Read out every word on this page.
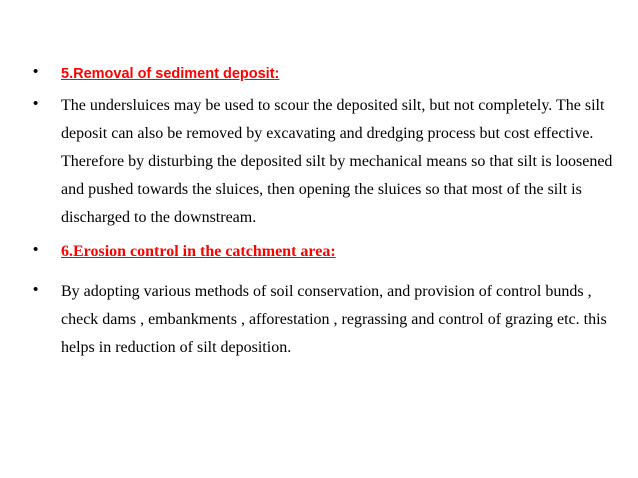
• 5.Removal of sediment deposit:
• The undersluices may be used to scour the deposited silt, but not completely. The silt deposit can also be removed by excavating and dredging process but cost effective. Therefore by disturbing the deposited silt by mechanical means so that silt is loosened and pushed towards the sluices, then opening the sluices so that most of the silt is discharged to the downstream.
• 6.Erosion control in the catchment area:
• By adopting various methods of soil conservation, and provision of control bunds , check dams , embankments , afforestation , regrassing and control of grazing etc. this helps in reduction of silt deposition.
